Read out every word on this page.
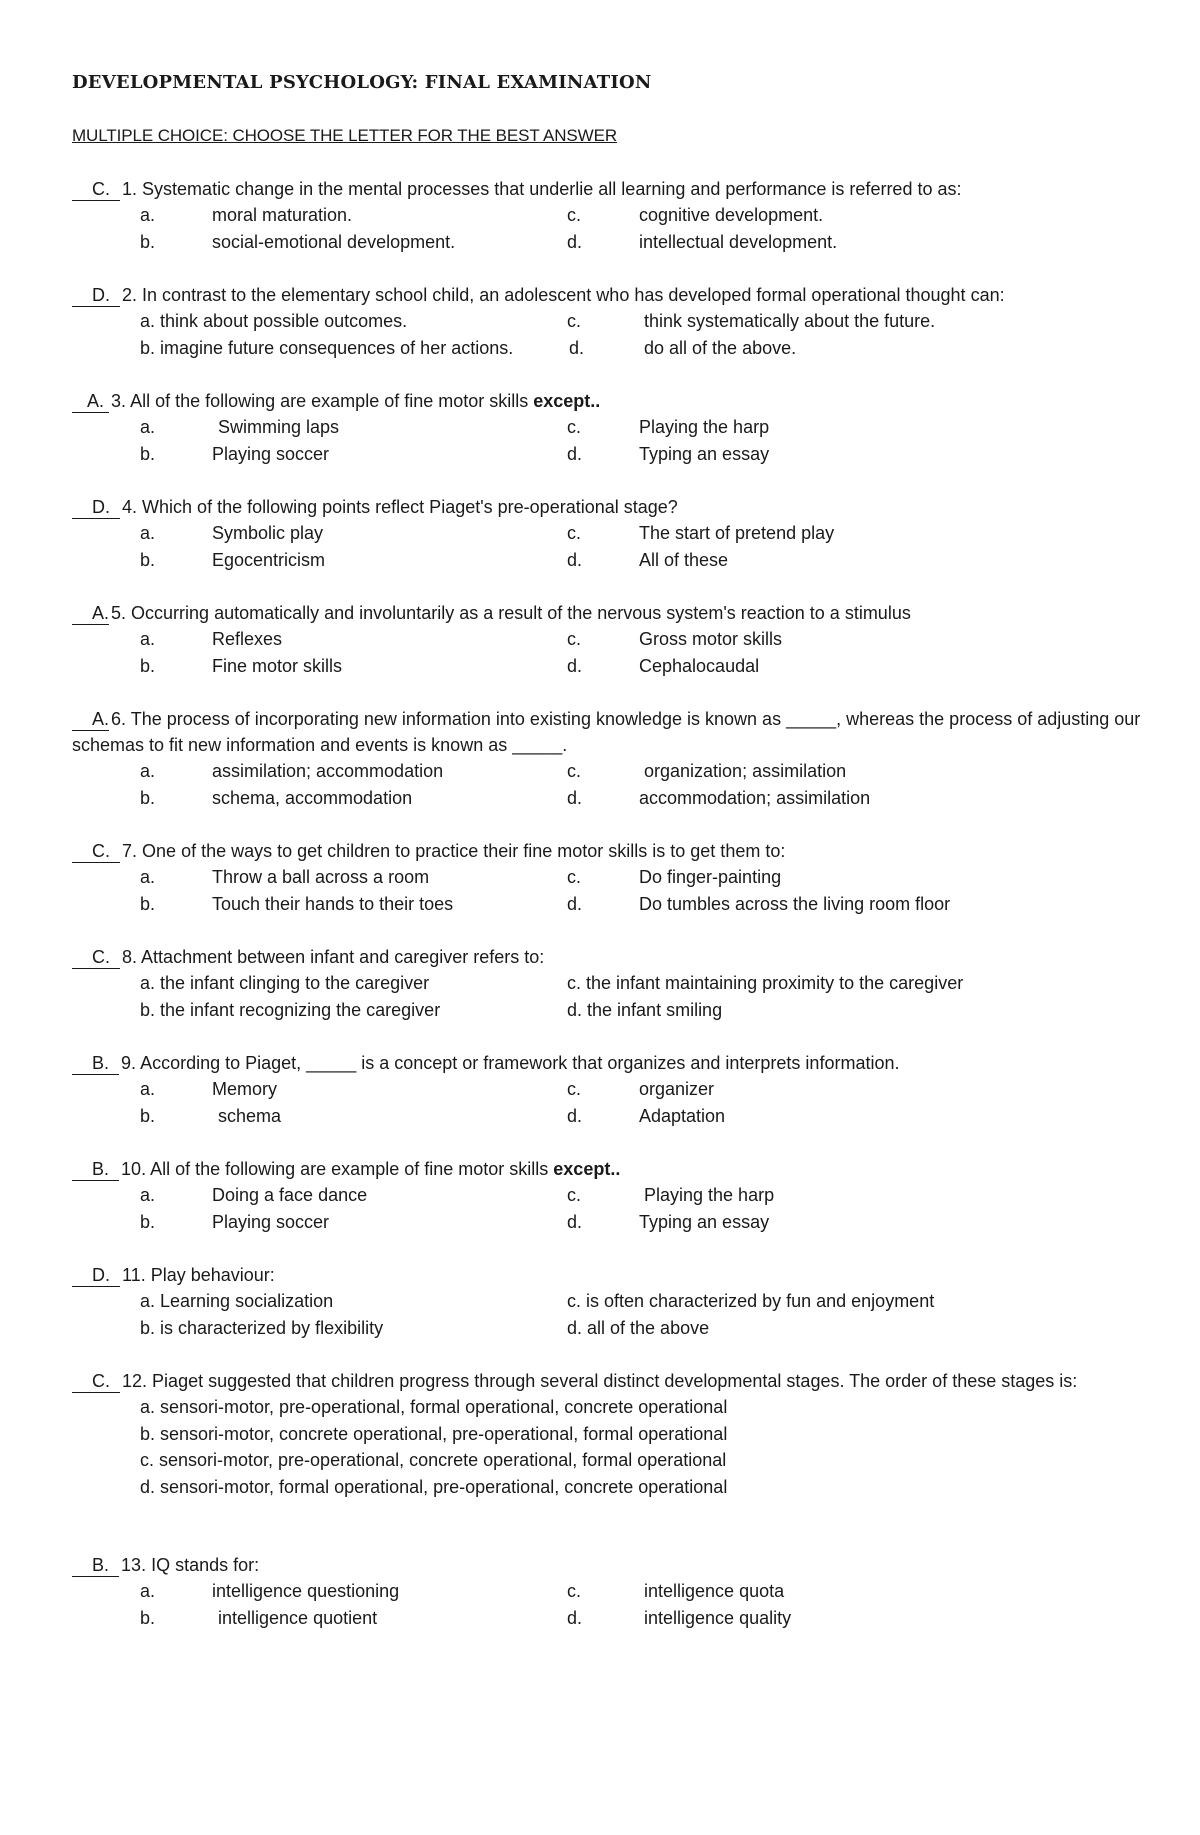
DEVELOPMENTAL PSYCHOLOGY: FINAL EXAMINATION
MULTIPLE CHOICE: CHOOSE THE LETTER FOR THE BEST ANSWER
C. 1. Systematic change in the mental processes that underlie all learning and performance is referred to as:
a.	moral maturation.	c.	cognitive development.
b.	social-emotional development.	d.	intellectual development.
D. 2. In contrast to the elementary school child, an adolescent who has developed formal operational thought can:
a. think about possible outcomes.	c.	think systematically about the future.
b. imagine future consequences of her actions.	d.	do all of the above.
A. 3. All of the following are example of fine motor skills except..
a.	Swimming laps	c.	Playing the harp
b.	Playing soccer	d.	Typing an essay
D. 4. Which of the following points reflect Piaget's pre-operational stage?
a.	Symbolic play	c.	The start of pretend play
b.	Egocentricism	d.	All of these
A. 5. Occurring automatically and involuntarily as a result of the nervous system's reaction to a stimulus
a.	Reflexes	c.	Gross motor skills
b.	Fine motor skills	d.	Cephalocaudal
A. 6. The process of incorporating new information into existing knowledge is known as _____, whereas the process of adjusting our schemas to fit new information and events is known as _____.
a.	assimilation; accommodation	c.	organization; assimilation
b.	schema, accommodation	d.	accommodation; assimilation
C. 7. One of the ways to get children to practice their fine motor skills is to get them to:
a.	Throw a ball across a room	c.	Do finger-painting
b.	Touch their hands to their toes	d.	Do tumbles across the living room floor
C. 8. Attachment between infant and caregiver refers to:
a. the infant clinging to the caregiver	c. the infant maintaining proximity to the caregiver
b. the infant recognizing the caregiver	d. the infant smiling
B. 9. According to Piaget, _____ is a concept or framework that organizes and interprets information.
a.	Memory	c.	organizer
b.	schema	d.	Adaptation
B. 10. All of the following are example of fine motor skills except..
a.	Doing a face dance	c.	Playing the harp
b.	Playing soccer	d.	Typing an essay
D. 11. Play behaviour:
a. Learning socialization	c. is often characterized by fun and enjoyment
b. is characterized by flexibility	d. all of the above
C. 12. Piaget suggested that children progress through several distinct developmental stages. The order of these stages is:
a. sensori-motor, pre-operational, formal operational, concrete operational
b. sensori-motor, concrete operational, pre-operational, formal operational
c. sensori-motor, pre-operational, concrete operational, formal operational
d. sensori-motor, formal operational, pre-operational, concrete operational
B. 13. IQ stands for:
a.	intelligence questioning	c.	intelligence quota
b.	intelligence quotient	d.	intelligence quality
